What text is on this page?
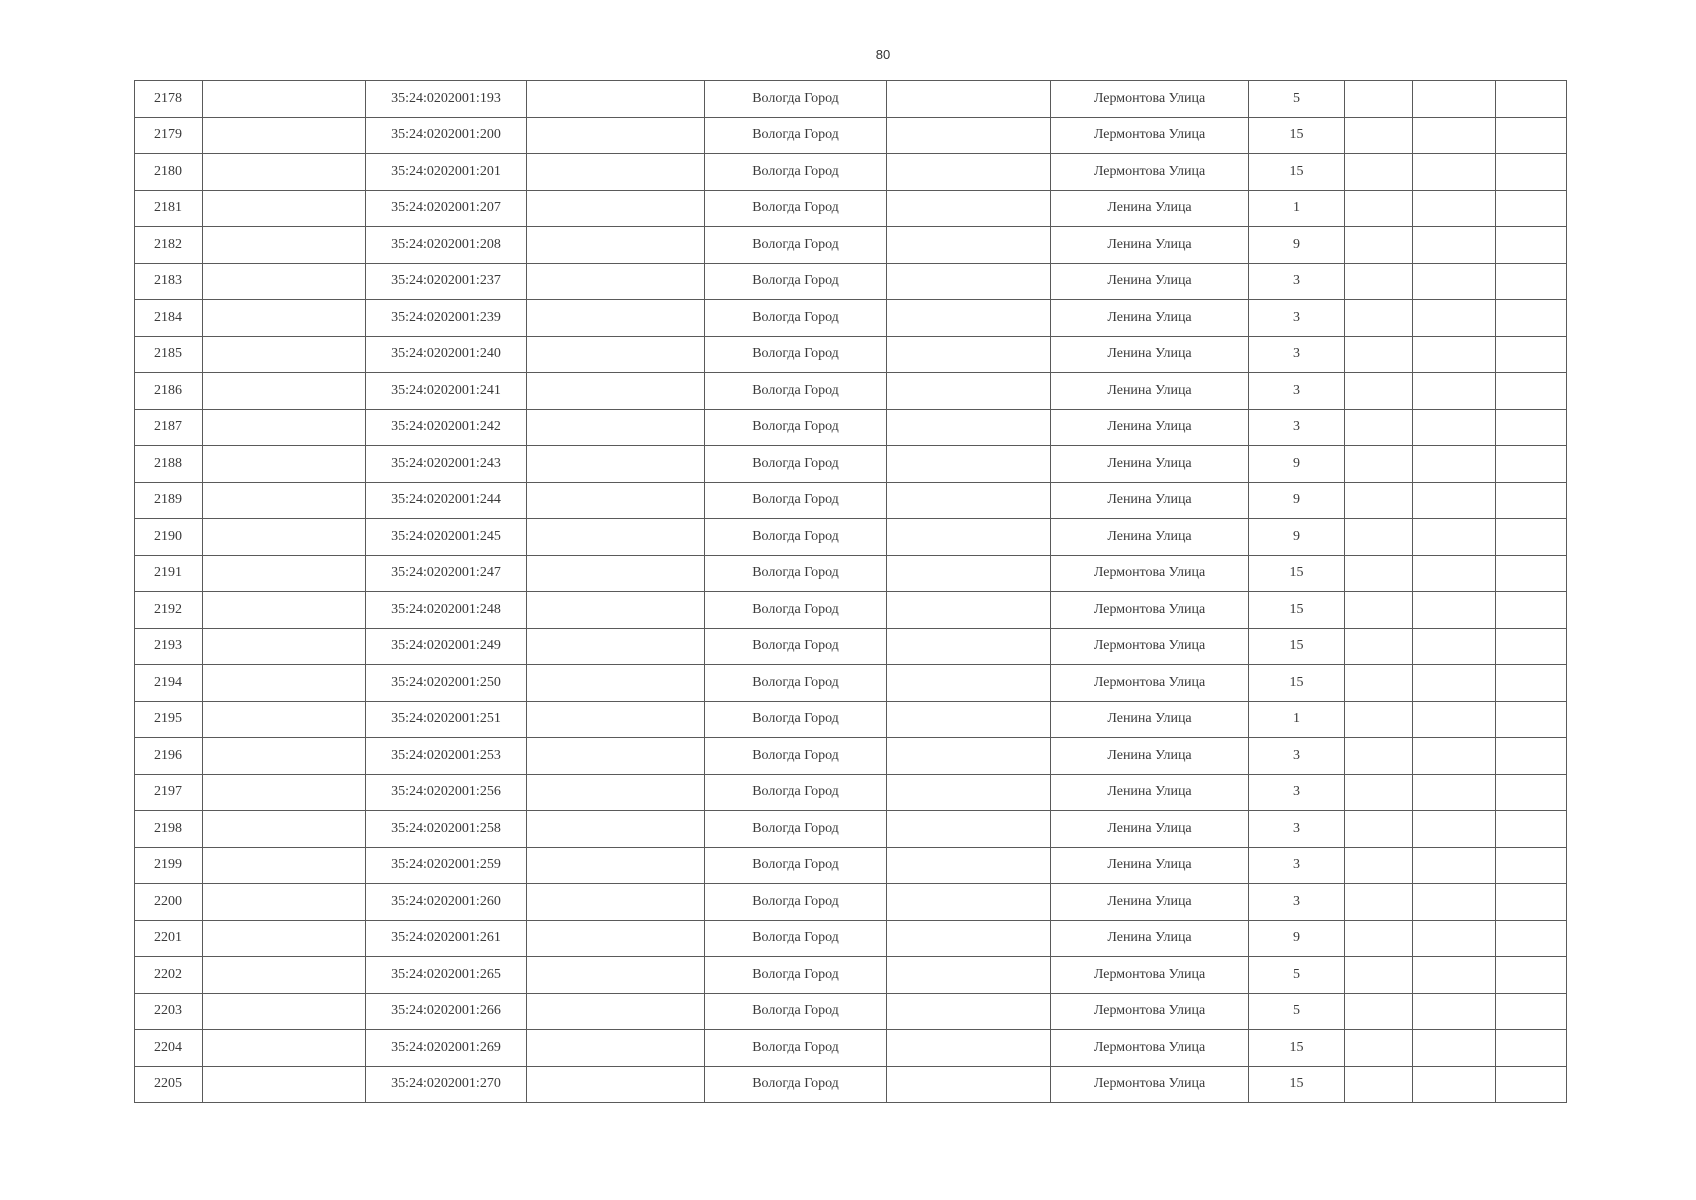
80
2178		35:24:0202001:193		Вологда Город		Лермонтова Улица	5			
2179		35:24:0202001:200		Вологда Город		Лермонтова Улица	15			
2180		35:24:0202001:201		Вологда Город		Лермонтова Улица	15			
2181		35:24:0202001:207		Вологда Город		Ленина Улица	1			
2182		35:24:0202001:208		Вологда Город		Ленина Улица	9			
2183		35:24:0202001:237		Вологда Город		Ленина Улица	3			
2184		35:24:0202001:239		Вологда Город		Ленина Улица	3			
2185		35:24:0202001:240		Вологда Город		Ленина Улица	3			
2186		35:24:0202001:241		Вологда Город		Ленина Улица	3			
2187		35:24:0202001:242		Вологда Город		Ленина Улица	3			
2188		35:24:0202001:243		Вологда Город		Ленина Улица	9			
2189		35:24:0202001:244		Вологда Город		Ленина Улица	9			
2190		35:24:0202001:245		Вологда Город		Ленина Улица	9			
2191		35:24:0202001:247		Вологда Город		Лермонтова Улица	15			
2192		35:24:0202001:248		Вологда Город		Лермонтова Улица	15			
2193		35:24:0202001:249		Вологда Город		Лермонтова Улица	15			
2194		35:24:0202001:250		Вологда Город		Лермонтова Улица	15			
2195		35:24:0202001:251		Вологда Город		Ленина Улица	1			
2196		35:24:0202001:253		Вологда Город		Ленина Улица	3			
2197		35:24:0202001:256		Вологда Город		Ленина Улица	3			
2198		35:24:0202001:258		Вологда Город		Ленина Улица	3			
2199		35:24:0202001:259		Вологда Город		Ленина Улица	3			
2200		35:24:0202001:260		Вологда Город		Ленина Улица	3			
2201		35:24:0202001:261		Вологда Город		Ленина Улица	9			
2202		35:24:0202001:265		Вологда Город		Лермонтова Улица	5			
2203		35:24:0202001:266		Вологда Город		Лермонтова Улица	5			
2204		35:24:0202001:269		Вологда Город		Лермонтова Улица	15			
2205		35:24:0202001:270		Вологда Город		Лермонтова Улица	15			
